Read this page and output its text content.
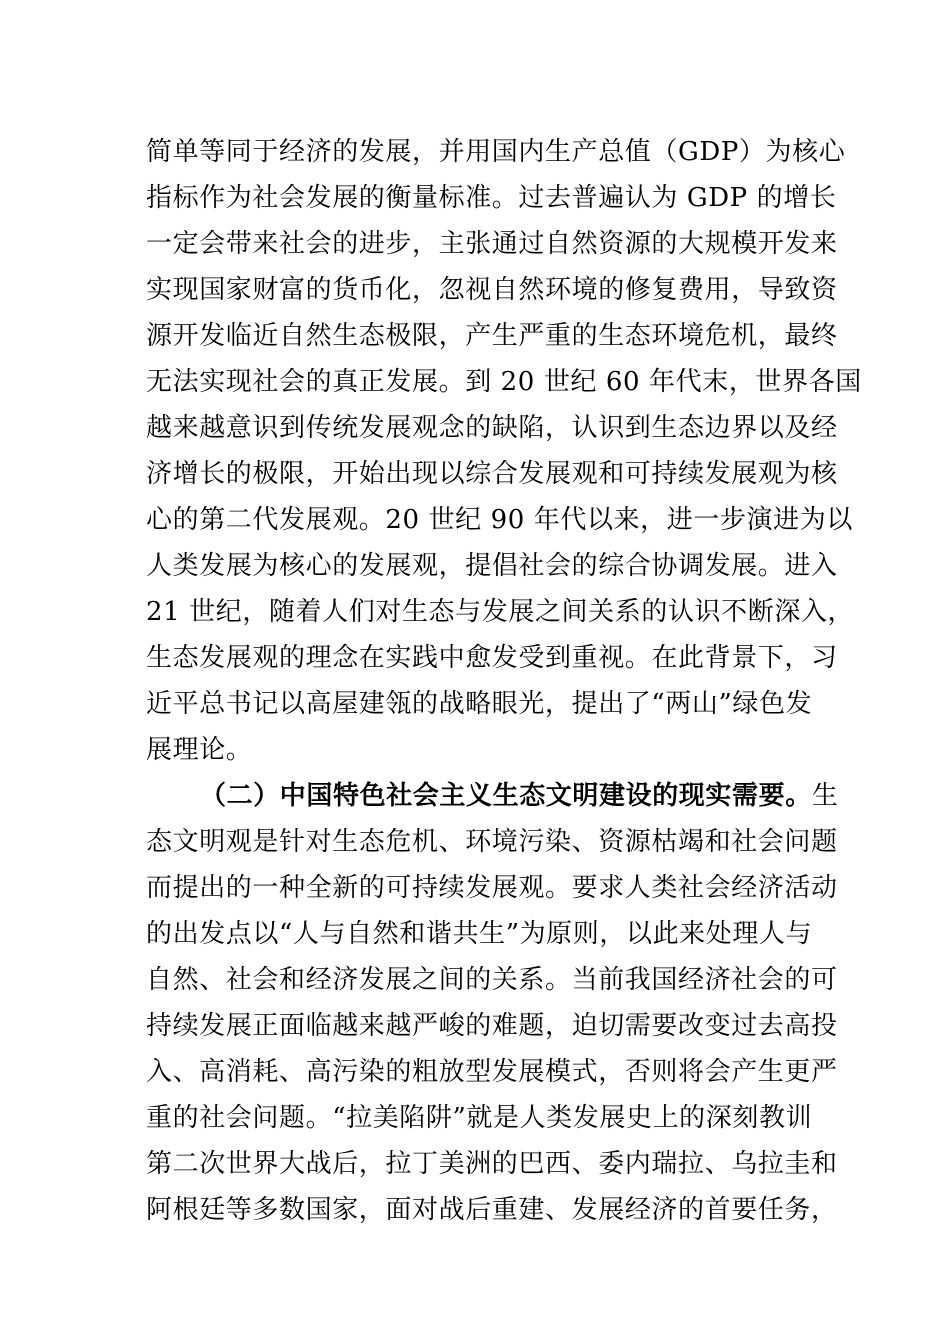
简单等同于经济的发展，并用国内生产总值（GDP）为核心
指标作为社会发展的衡量标准。过去普遍认为 GDP 的增长
一定会带来社会的进步，主张通过自然资源的大规模开发来
实现国家财富的货币化，忽视自然环境的修复费用，导致资
源开发临近自然生态极限，产生严重的生态环境危机，最终
无法实现社会的真正发展。到 20 世纪 60 年代末，世界各国
越来越意识到传统发展观念的缺陷，认识到生态边界以及经
济增长的极限，开始出现以综合发展观和可持续发展观为核
心的第二代发展观。20 世纪 90 年代以来，进一步演进为以
人类发展为核心的发展观，提倡社会的综合协调发展。进入
21 世纪，随着人们对生态与发展之间关系的认识不断深入，
生态发展观的理念在实践中愈发受到重视。在此背景下，习
近平总书记以高屋建瓴的战略眼光，提出了“两山”绿色发
展理论。
（二）中国特色社会主义生态文明建设的现实需要。生
态文明观是针对生态危机、环境污染、资源枯竭和社会问题
而提出的一种全新的可持续发展观。要求人类社会经济活动
的出发点以“人与自然和谐共生”为原则，以此来处理人与
自然、社会和经济发展之间的关系。当前我国经济社会的可
持续发展正面临越来越严峻的难题，迫切需要改变过去高投
入、高消耗、高污染的粗放型发展模式，否则将会产生更严
重的社会问题。“拉美陷阱”就是人类发展史上的深刻教训
第二次世界大战后，拉丁美洲的巴西、委内瑞拉、乌拉圭和
阿根廷等多数国家，面对战后重建、发展经济的首要任务，
